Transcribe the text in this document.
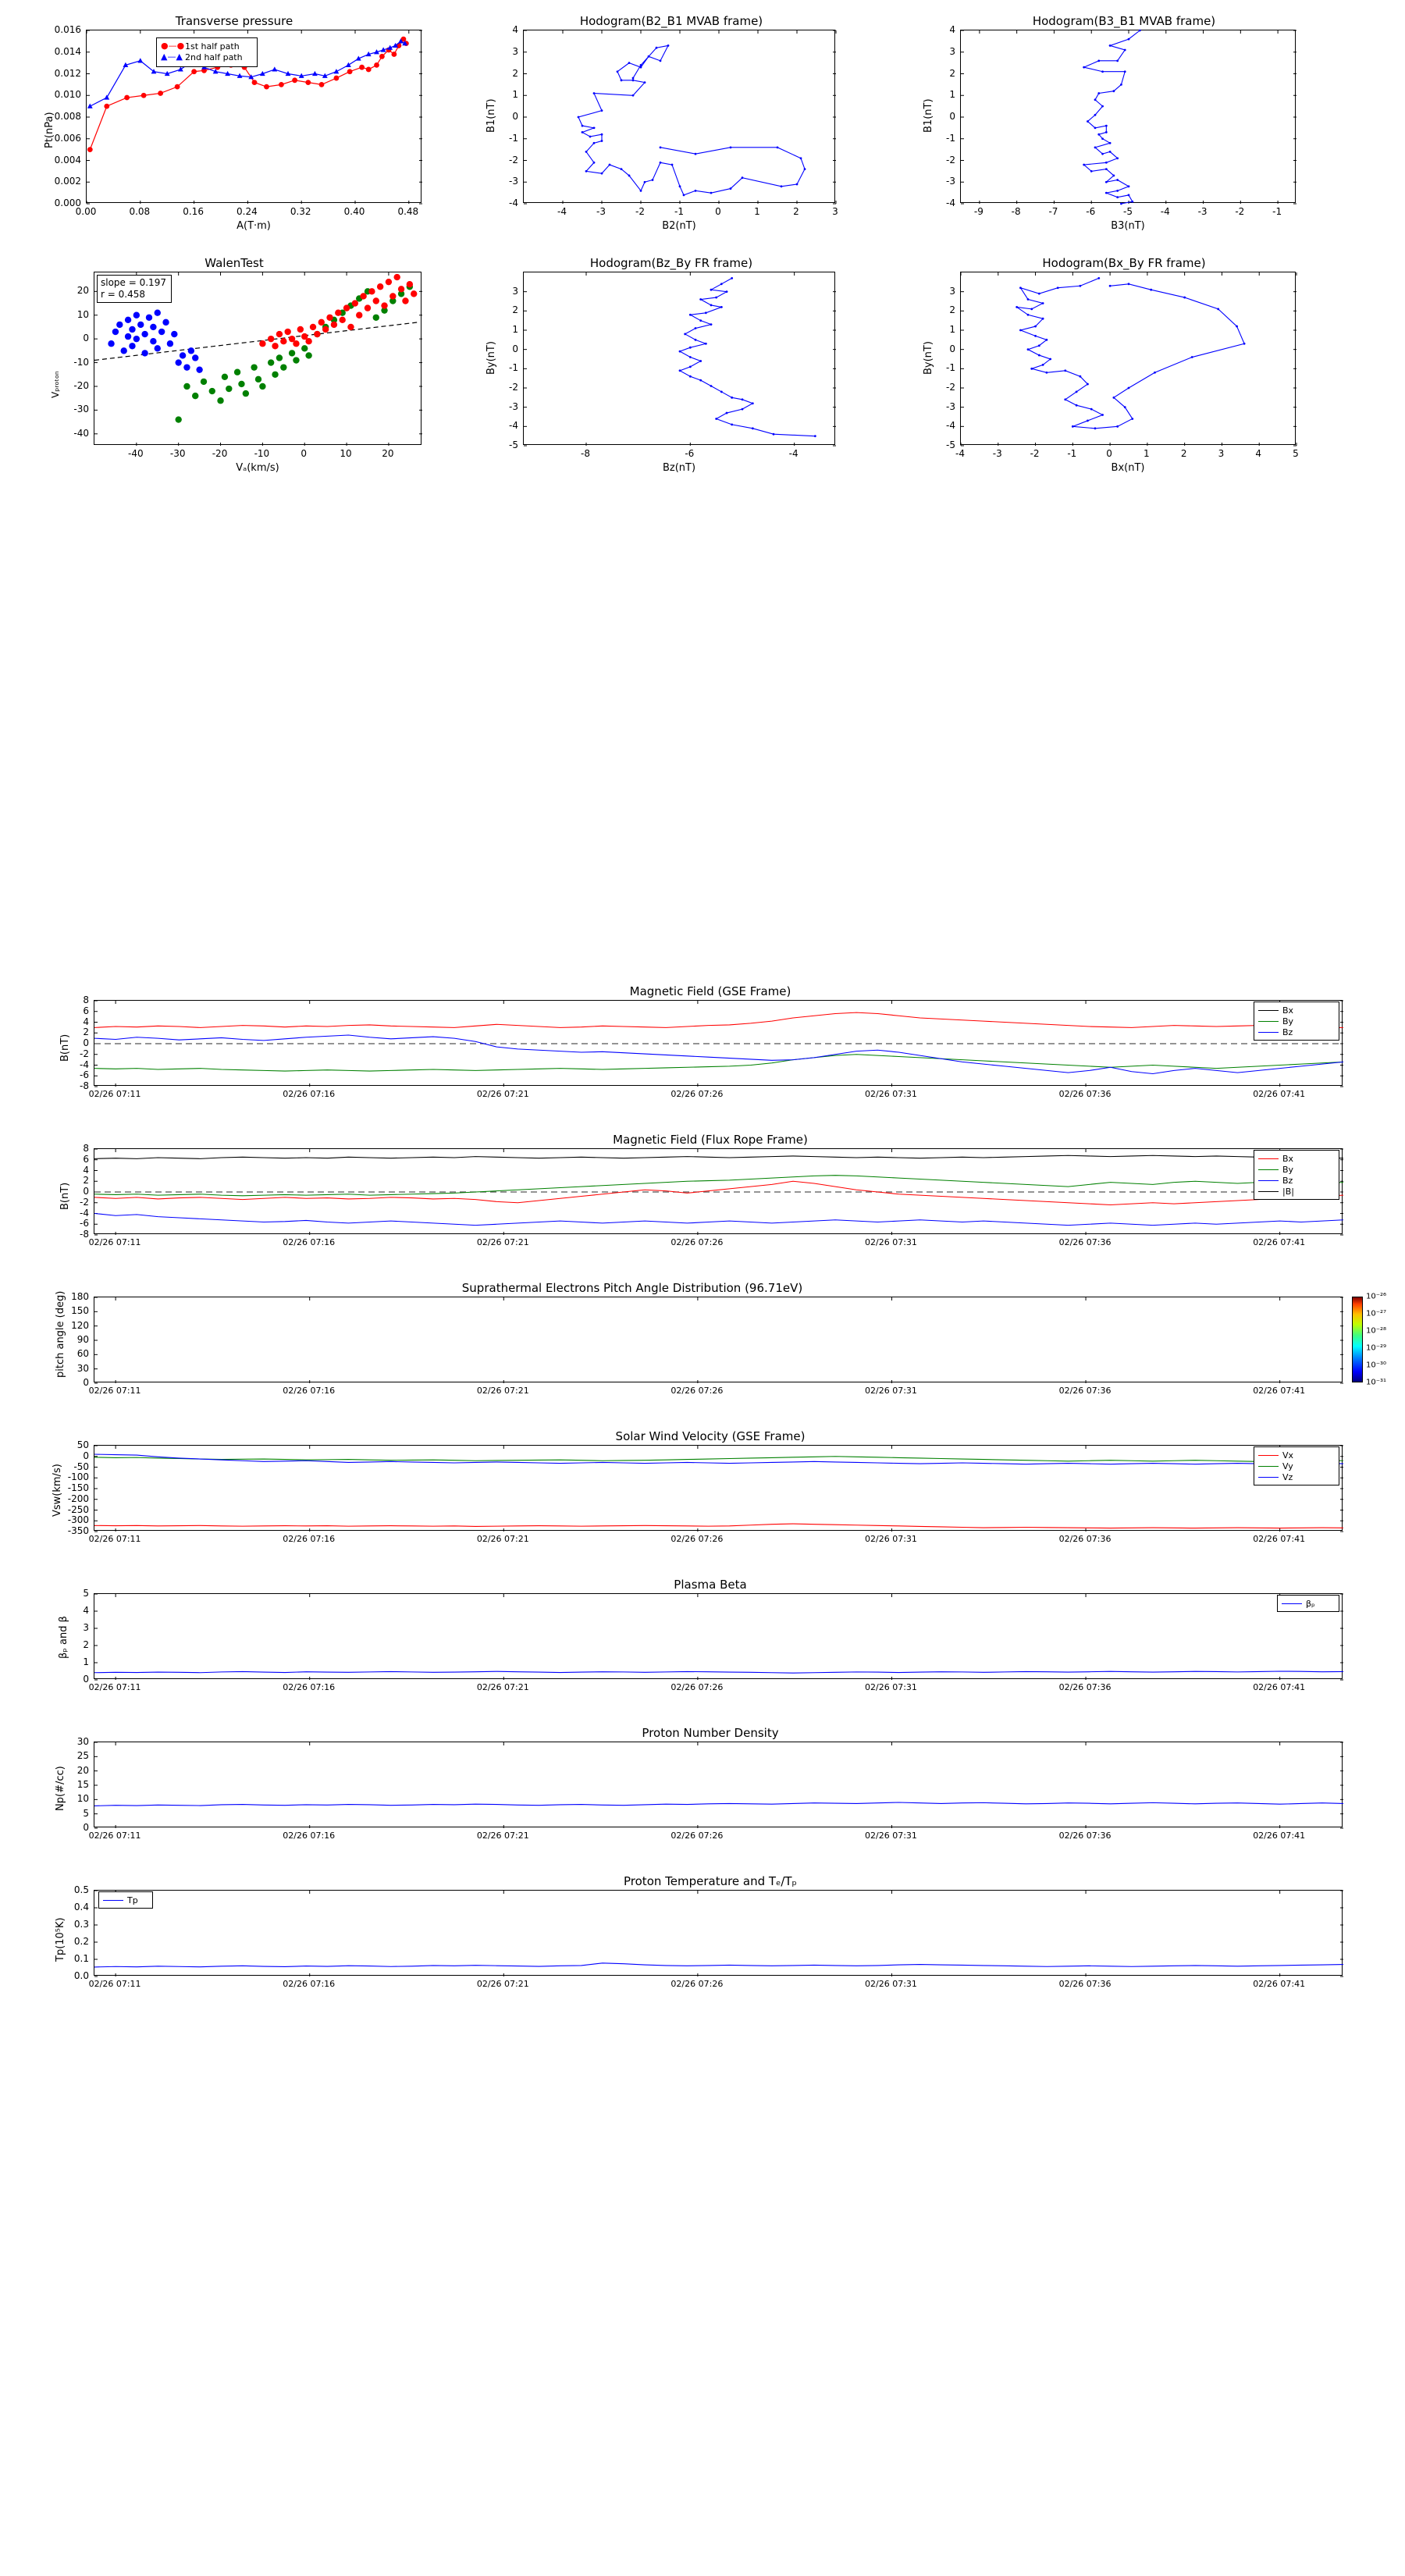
Transverse pressure
Pt(nPa)
A(T·m)
●—● 1st half path
▲—▲ 2nd half path
0.00	0.08	0.16	0.24	0.32	0.40	0.48
0.000
0.002
0.004
0.006
0.008
0.010
0.012
0.014
0.016
Hodogram(B2_B1 MVAB frame)
B1(nT)
B2(nT)
-4	-3	-2	-1	0	1	2	3
-4
-3
-2
-1
0
1
2
3
4
Hodogram(B3_B1 MVAB frame)
B1(nT)
B3(nT)
-9	-8	-7	-6	-5	-4	-3	-2	-1
-4
-3
-2
-1
0
1
2
3
4
WalenTest
slope = 0.197
r = 0.458
Vₚᵣₒₜₒₙ
Vₐ(km/s)
-40	-30	-20	-10	0	10	20
-40
-30
-20
-10
0
10
20
Hodogram(Bz_By FR frame)
By(nT)
Bz(nT)
-8	-6	-4
-5
-4
-3
-2
-1
0
1
2
3
Hodogram(Bx_By FR frame)
By(nT)
Bx(nT)
-4	-3	-2	-1	0	1	2	3	4	5
-5
-4
-3
-2
-1
0
1
2
3
Magnetic Field (GSE Frame)
B(nT)
Bx
By
Bz
02/26 07:11	02/26 07:16	02/26 07:21	02/26 07:26	02/26 07:31	02/26 07:36	02/26 07:41
-8
-6
-4
-2
0
2
4
6
8
Magnetic Field (Flux Rope Frame)
B(nT)
Bx
By
Bz
|B|
02/26 07:11	02/26 07:16	02/26 07:21	02/26 07:26	02/26 07:31	02/26 07:36	02/26 07:41
-8
-6
-4
-2
0
2
4
6
8
Suprathermal Electrons Pitch Angle Distribution (96.71eV)
pitch angle (deg)	10⁻²⁶
10⁻²⁷
10⁻²⁸
10⁻²⁹
10⁻³⁰
10⁻³¹
02/26 07:11	02/26 07:16	02/26 07:21	02/26 07:26	02/26 07:31	02/26 07:36	02/26 07:41
0
30
60
90
120
150
180
Solar Wind Velocity (GSE Frame)
Vsw(km/s)
Vx
Vy
Vz
02/26 07:11	02/26 07:16	02/26 07:21	02/26 07:26	02/26 07:31	02/26 07:36	02/26 07:41
50
0
-50
-100
-150
-200
-250
-300
-350
Plasma Beta
βₚ and β
βₚ
02/26 07:11	02/26 07:16	02/26 07:21	02/26 07:26	02/26 07:31	02/26 07:36	02/26 07:41
0
1
2
3
4
5
Proton Number Density
Np(#/cc)
02/26 07:11	02/26 07:16	02/26 07:21	02/26 07:26	02/26 07:31	02/26 07:36	02/26 07:41
0
5
10
15
20
25
30
Proton Temperature and Tₑ/Tₚ
Tp(10⁵K)
Tp
02/26 07:11	02/26 07:16	02/26 07:21	02/26 07:26	02/26 07:31	02/26 07:36	02/26 07:41
0.0
0.1
0.2
0.3
0.4
0.5
